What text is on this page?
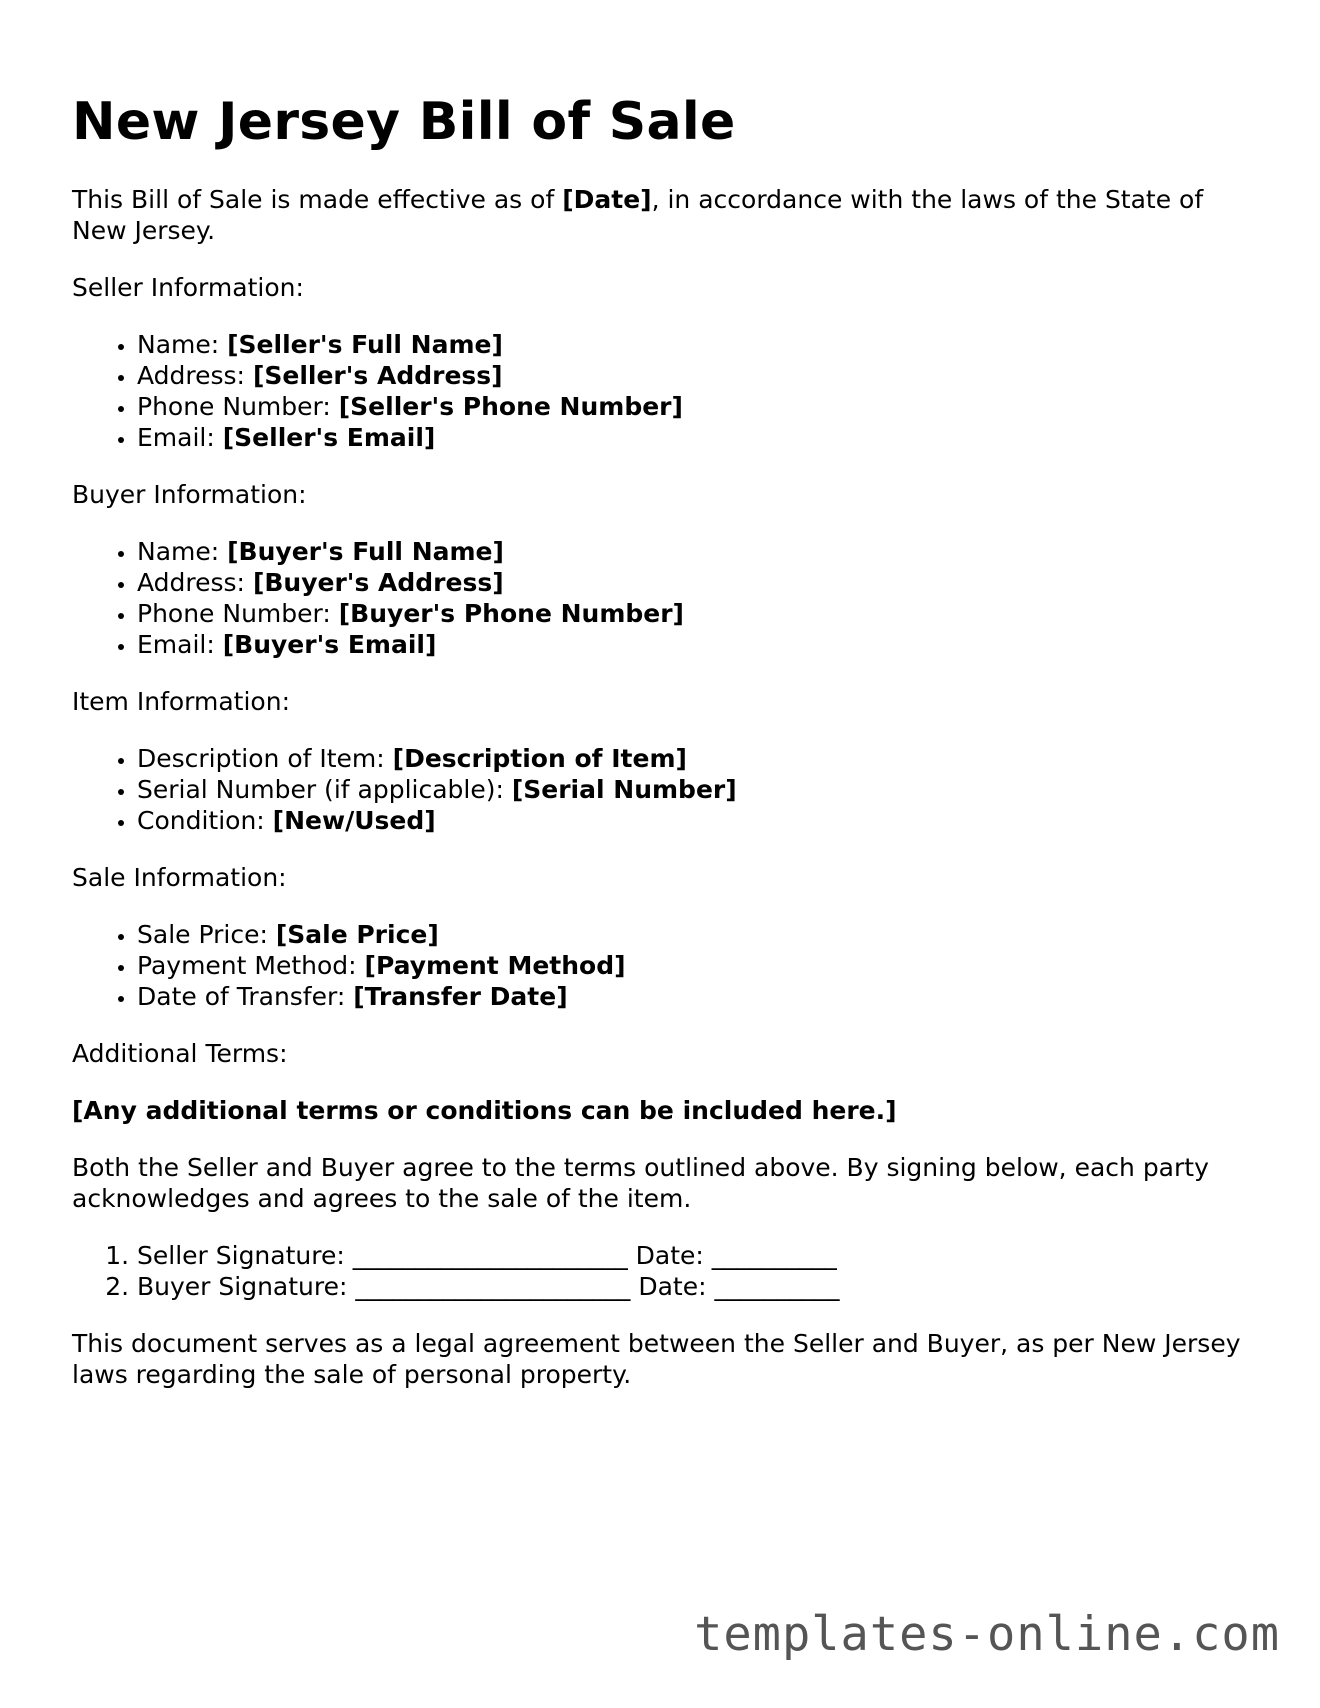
New Jersey Bill of Sale

This Bill of Sale is made effective as of [Date], in accordance with the laws of the State of New Jersey.

Seller Information:

• Name: [Seller's Full Name]
• Address: [Seller's Address]
• Phone Number: [Seller's Phone Number]
• Email: [Seller's Email]

Buyer Information:

• Name: [Buyer's Full Name]
• Address: [Buyer's Address]
• Phone Number: [Buyer's Phone Number]
• Email: [Buyer's Email]

Item Information:

• Description of Item: [Description of Item]
• Serial Number (if applicable): [Serial Number]
• Condition: [New/Used]

Sale Information:

• Sale Price: [Sale Price]
• Payment Method: [Payment Method]
• Date of Transfer: [Transfer Date]

Additional Terms:

[Any additional terms or conditions can be included here.]

Both the Seller and Buyer agree to the terms outlined above. By signing below, each party acknowledges and agrees to the sale of the item.

1. Seller Signature: ______________________ Date: __________
2. Buyer Signature: ______________________ Date: __________

This document serves as a legal agreement between the Seller and Buyer, as per New Jersey laws regarding the sale of personal property.

templates-online.com
